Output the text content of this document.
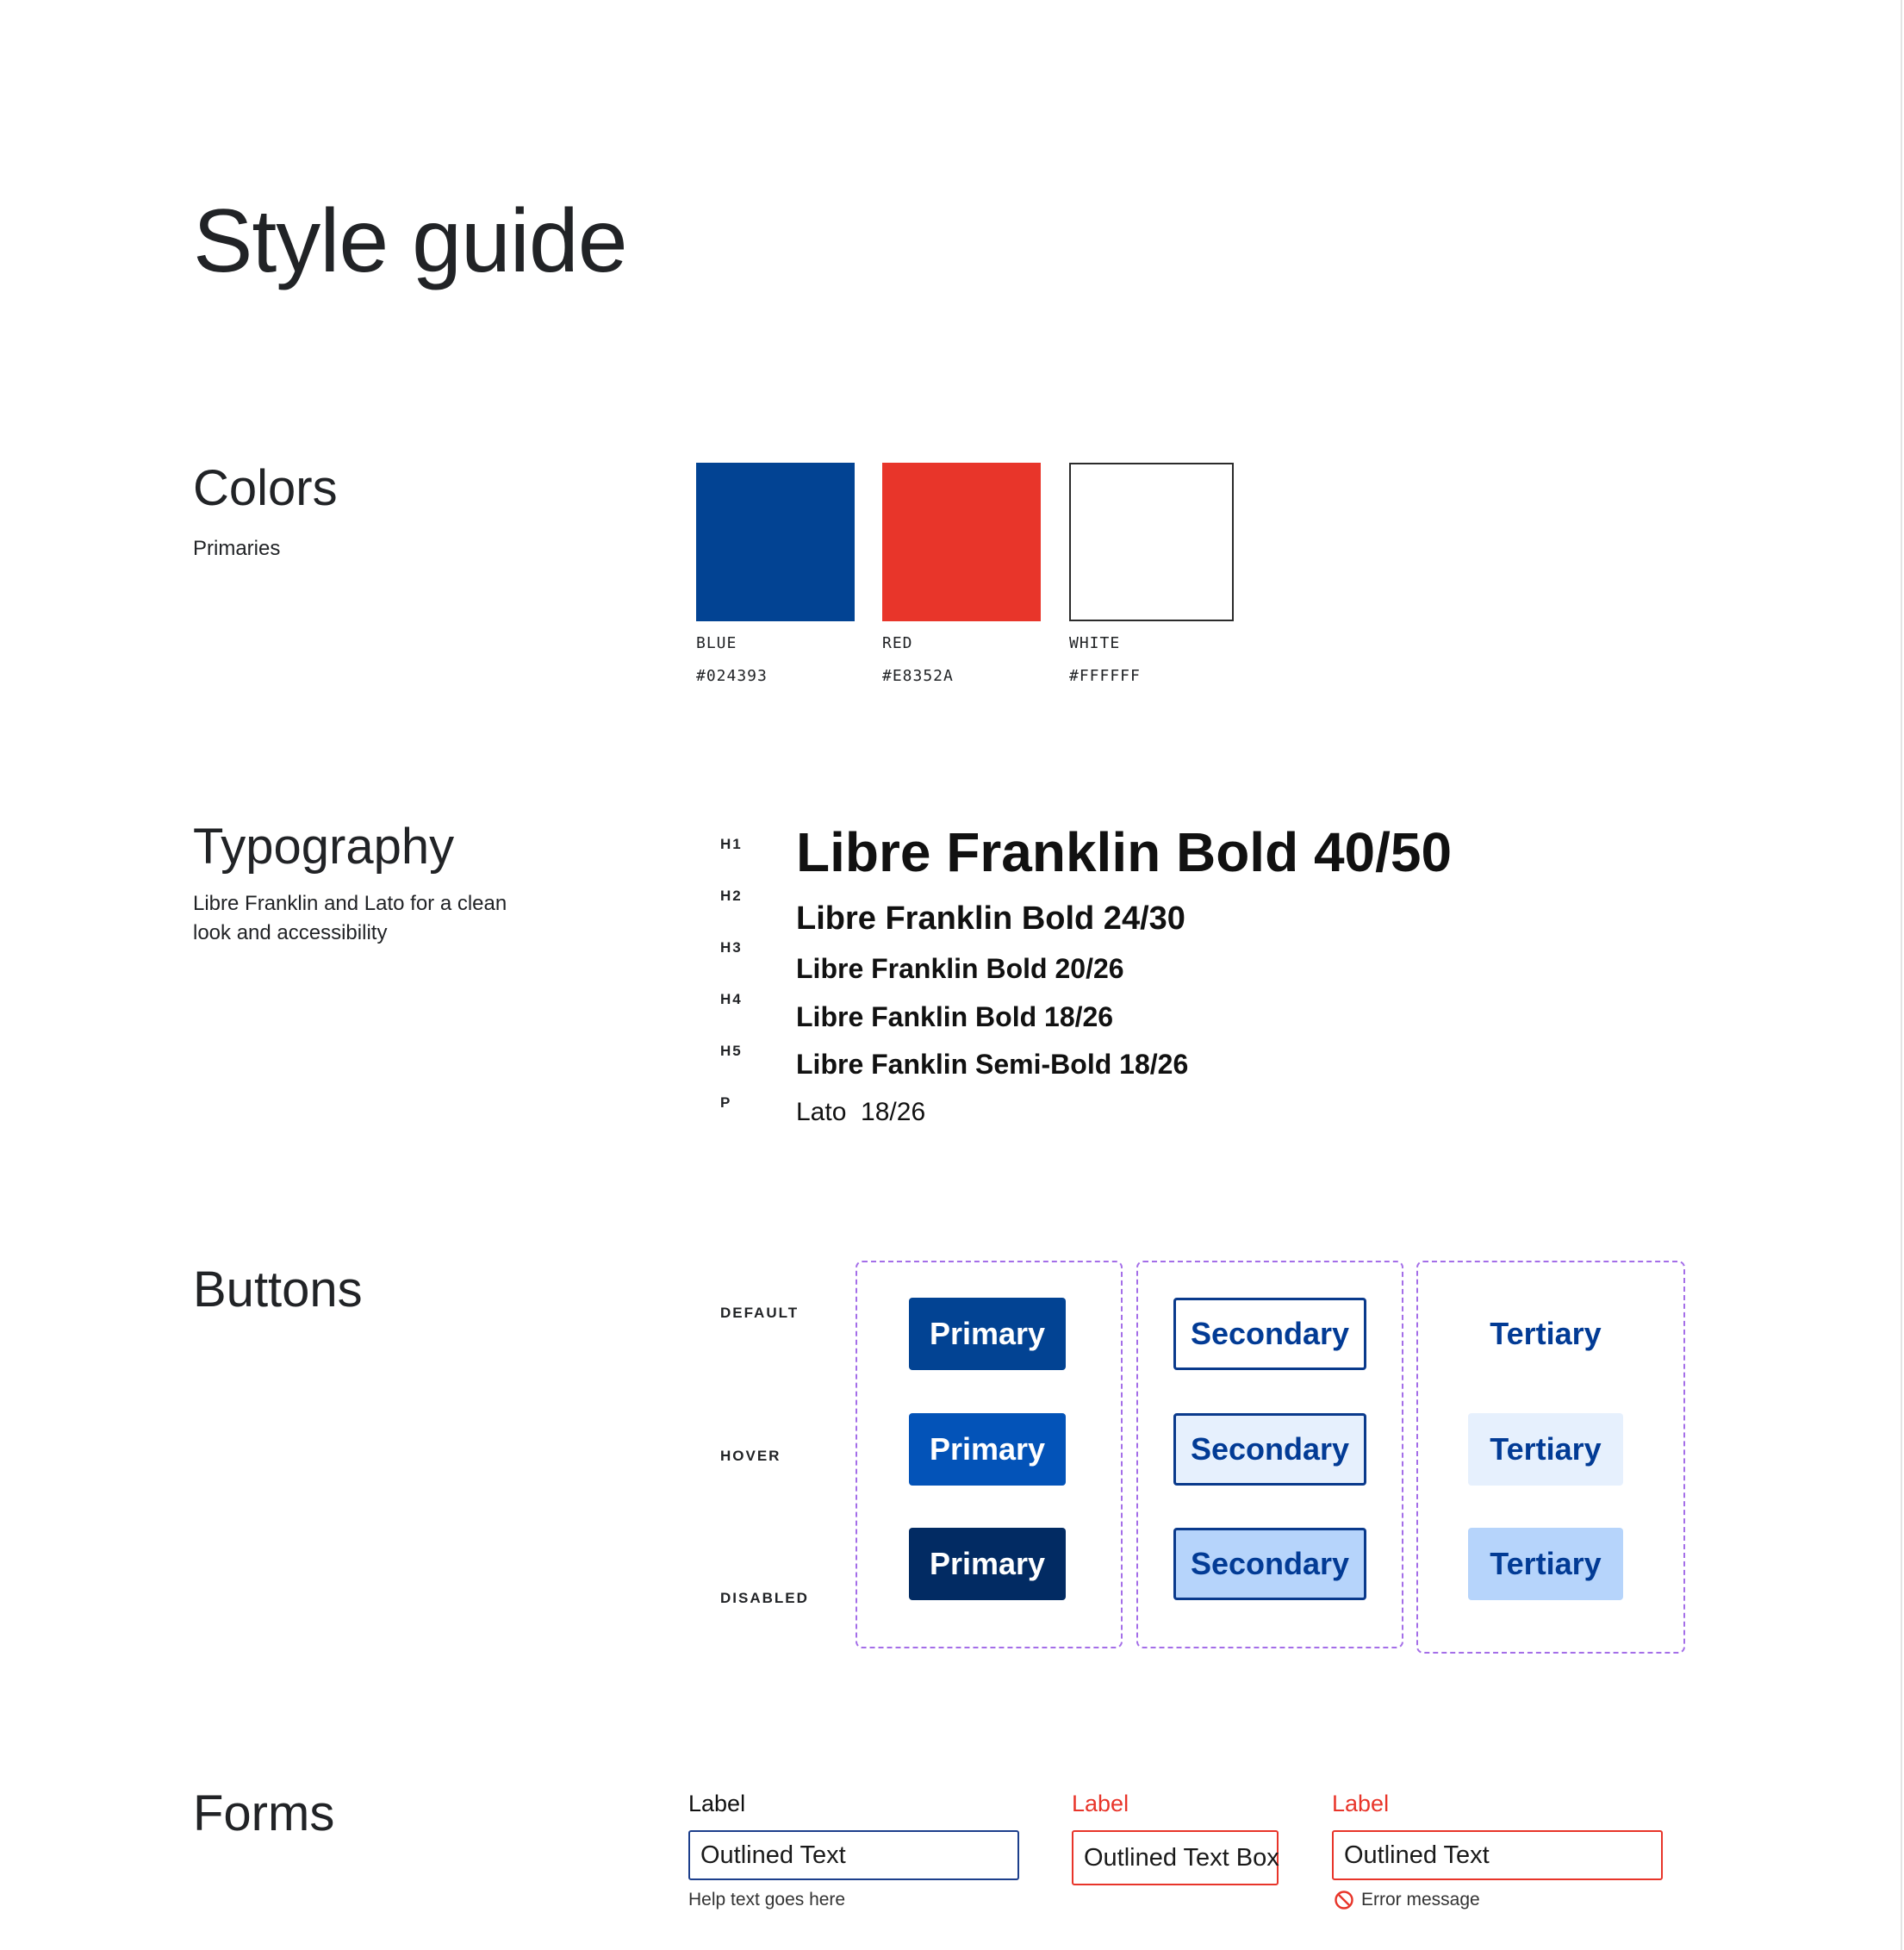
Style guide
Colors
Primaries
BLUE
#024393
RED
#E8352A
WHITE
#FFFFFF
Typography
Libre Franklin and Lato for a clean
look and accessibility
H1 Libre Franklin Bold 40/50
H2
Libre Franklin Bold 24/30
H3
Libre Franklin Bold 20/26
H4
Libre Fanklin Bold 18/26
H5 Libre Fanklin Semi-Bold 18/26
P Lato  18/26
Buttons	DEFAULT
HOVER
DISABLED
Primary
Primary
Primary
Secondary
Secondary
Secondary
Tertiary
Tertiary
Tertiary
Forms	Label
Outlined Text
Help text goes here
Label
Outlined Text Box
Label
Outlined Text
Error message
